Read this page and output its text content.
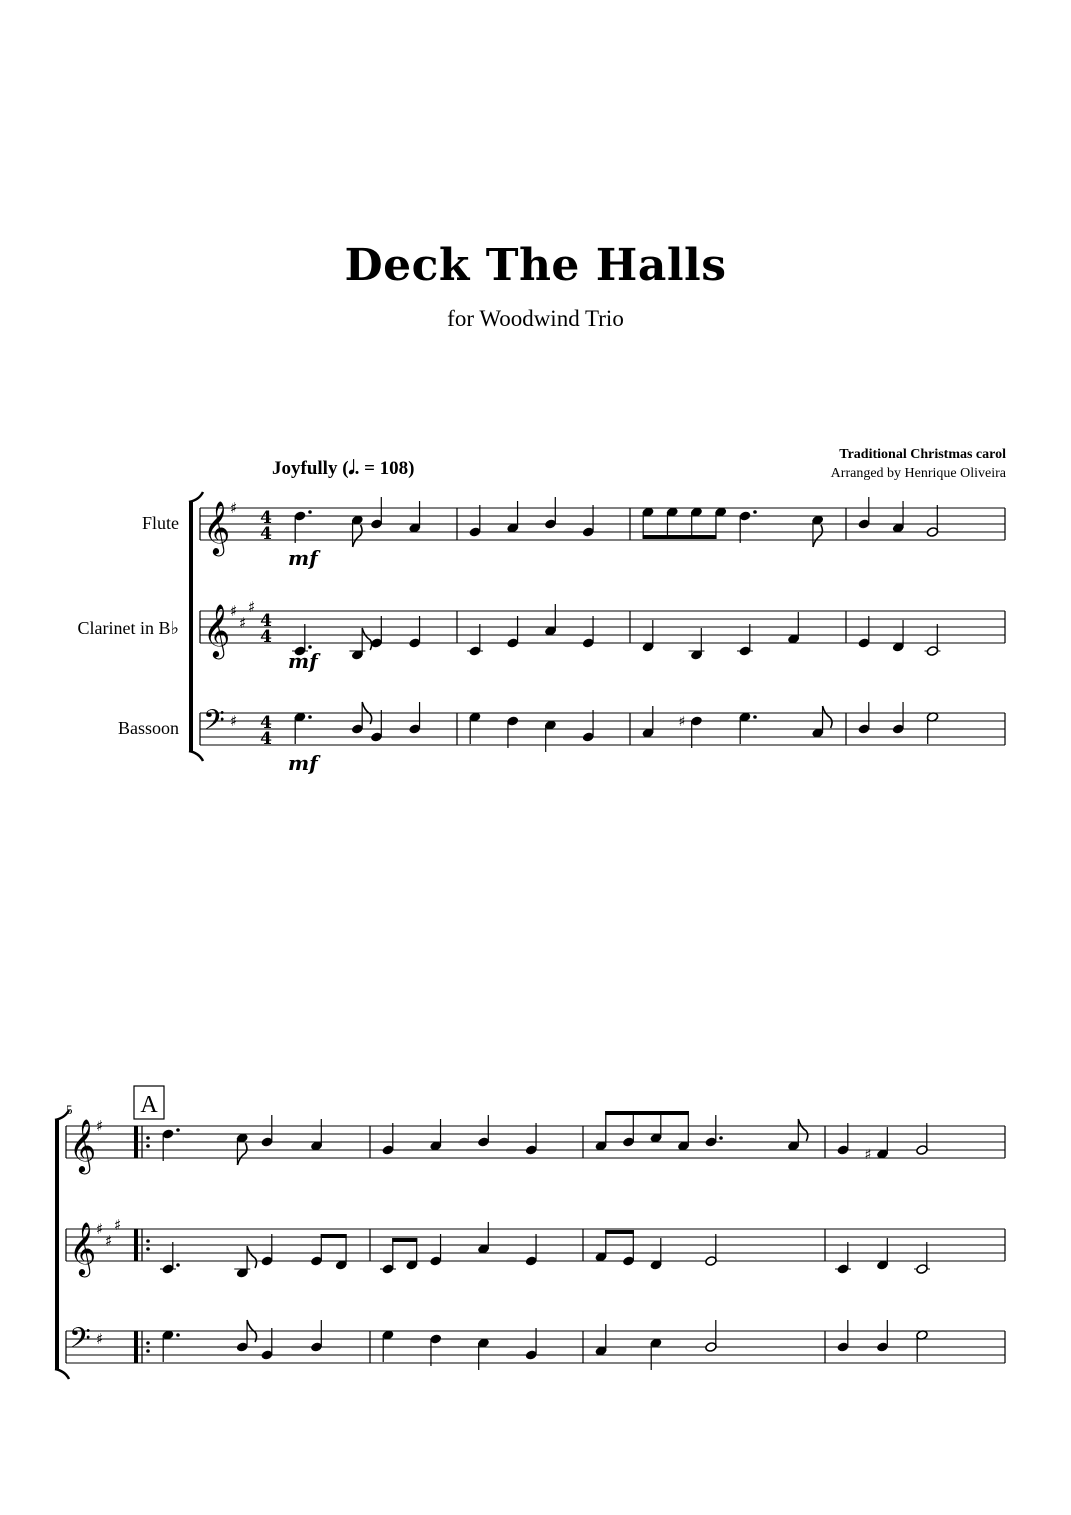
Deck The Halls
for Woodwind Trio
Traditional Christmas carol
Arranged by Henrique Oliveira
Joyfully (𝅘𝅥. = 108)
Flute
Clarinet in B♭
Bassoon
𝄞 ♯ 4
4
mf
𝄞 ♯
♯
♯
4
4
mf
𝄢 ♯ 4
4
♯
mf
𝄞 ♯
♯
𝄞 ♯
♯
♯
𝄢 ♯
5	A
